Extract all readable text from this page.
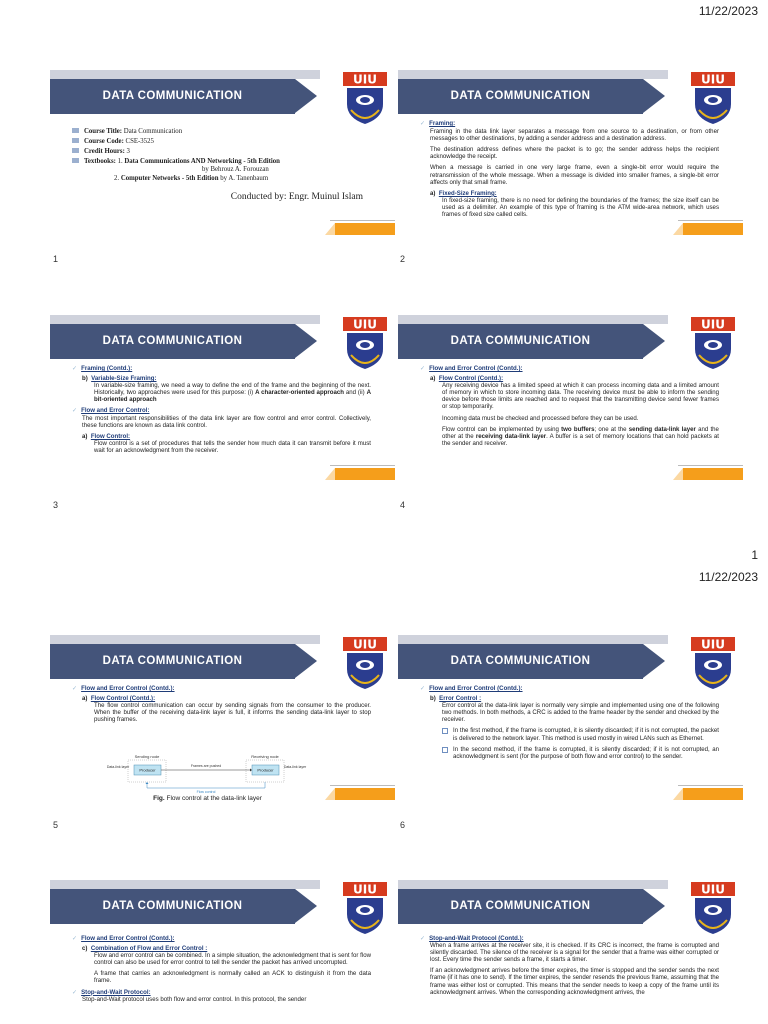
11/22/2023
1
11/22/2023
DATA COMMUNICATION
UIU
Course Title: Data Communication
Course Code: CSE-3525
Credit Hours: 3
Textbooks: 1. Data Communications AND Networking - 5th Edition
by Behrouz A. Forouzan
2. Computer Networks - 5th Edition by A. Tanenbaum
Conducted by: Engr. Muinul Islam
1
DATA COMMUNICATION
UIU

✓ Framing:

Framing in the data link layer separates a message from one source to a destination, or from other messages to other destinations, by adding a sender address and a destination address.

The destination address defines where the packet is to go; the sender address helps the recipient acknowledge the receipt.

When a message is carried in one very large frame, even a single-bit error would require the retransmission of the whole message. When a message is divided into smaller frames, a single-bit error affects only that small frame.

a) Fixed-Size Framing:

In fixed-size framing, there is no need for defining the boundaries of the frames; the size itself can be used as a delimiter. An example of this type of framing is the ATM wide-area network, which uses frames of fixed size called cells.

2
DATA COMMUNICATION
UIU

✓ Framing (Contd.):

b) Variable-Size Framing:

In variable-size framing, we need a way to define the end of the frame and the beginning of the next. Historically, two approaches were used for this purpose: (i) A character-oriented approach and (ii) A bit-oriented approach

✓ Flow and Error Control:

The most important responsibilities of the data link layer are flow control and error control. Collectively, these functions are known as data link control.

a) Flow Control:

Flow control is a set of procedures that tells the sender how much data it can transmit before it must wait for an acknowledgment from the receiver.

3
DATA COMMUNICATION
UIU

✓ Flow and Error Control (Contd.):

a) Flow Control (Contd.):

Any receiving device has a limited speed at which it can process incoming data and a limited amount of memory in which to store incoming data. The receiving device must be able to inform the sending device before those limits are reached and to request that the transmitting device send fewer frames or stop temporarily.

Incoming data must be checked and processed before they can be used.

Flow control can be implemented by using two buffers; one at the sending data-link layer and the other at the receiving data-link layer. A buffer is a set of memory locations that can hold packets at the sender and receiver.

4
DATA COMMUNICATION
UIU

✓ Flow and Error Control (Contd.):

a) Flow Control (Contd.):

The flow control communication can occur by sending signals from the consumer to the producer. When the buffer of the receiving data-link layer is full, it informs the sending data-link layer to stop pushing frames.

Sending node	Receiving node
Producer	Producer
Data-link layer	Data-link layer
Frames are pushed
Flow control
Fig. Flow control at the data-link layer
5
DATA COMMUNICATION
UIU

✓ Flow and Error Control (Contd.):

b) Error Control :

Error control at the data-link layer is normally very simple and implemented using one of the following two methods. In both methods, a CRC is added to the frame header by the sender and checked by the receiver.

In the first method, if the frame is corrupted, it is silently discarded; if it is not corrupted, the packet is delivered to the network layer. This method is used mostly in wired LANs such as Ethernet.

In the second method, if the frame is corrupted, it is silently discarded; if it is not corrupted, an acknowledgment is sent (for the purpose of both flow and error control) to the sender.

6
DATA COMMUNICATION
UIU

✓ Flow and Error Control (Contd.):

c) Combination of Flow and Error Control :

Flow and error control can be combined. In a simple situation, the acknowledgment that is sent for flow control can also be used for error control to tell the sender the packet has arrived uncorrupted.

A frame that carries an acknowledgment is normally called an ACK to distinguish it from the data frame.

✓ Stop-and-Wait Protocol:

Stop-and-Wait protocol uses both flow and error control. In this protocol, the sender

DATA COMMUNICATION
UIU

✓ Stop-and-Wait Protocol (Contd.):

When a frame arrives at the receiver site, it is checked. If its CRC is incorrect, the frame is corrupted and silently discarded. The silence of the receiver is a signal for the sender that a frame was either corrupted or lost. Every time the sender sends a frame, it starts a timer.

If an acknowledgment arrives before the timer expires, the timer is stopped and the sender sends the next frame (if it has one to send). If the timer expires, the sender resends the previous frame, assuming that the frame was either lost or corrupted. This means that the sender needs to keep a copy of the frame until its acknowledgment arrives. When the corresponding acknowledgment arrives, the
